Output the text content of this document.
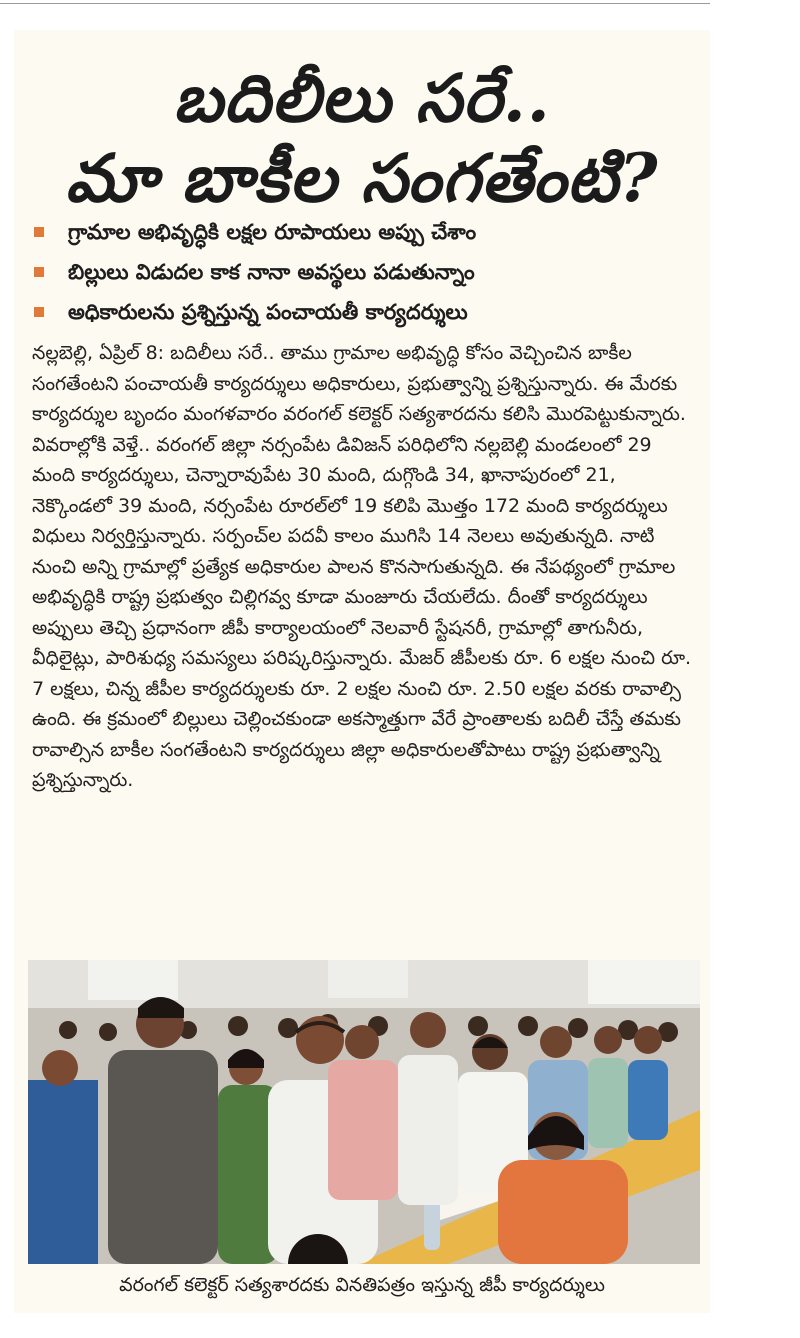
బదిలీలు సరే..
మా బాకీల సంగతేంటి?
గ్రామాల అభివృద్ధికి లక్షల రూపాయలు అప్పు చేశాం
బిల్లులు విడుదల కాక నానా అవస్థలు పడుతున్నాం
అధికారులను ప్రశ్నిస్తున్న పంచాయతీ కార్యదర్శులు

నల్లబెల్లి, ఏప్రిల్ 8: బదిలీలు సరే.. తాము గ్రామాల అభివృద్ధి కోసం వెచ్చించిన బాకీల సంగతేంటని పంచాయతీ కార్యదర్శులు అధికారులు, ప్రభుత్వాన్ని ప్రశ్నిస్తున్నారు. ఈ మేరకు కార్యదర్శుల బృందం మంగళవారం వరంగల్ కలెక్టర్ సత్యశారదను కలిసి మొరపెట్టుకున్నారు. వివరాల్లోకి వెళ్తే.. వరంగల్ జిల్లా నర్సంపేట డివిజన్ పరిధిలోని నల్లబెల్లి మండలంలో 29 మంది కార్యదర్శులు, చెన్నారావుపేట 30 మంది, దుగ్గొండి 34, ఖానాపురంలో 21, నెక్కొండలో 39 మంది, నర్సంపేట రూరల్‌లో 19 కలిపి మొత్తం 172 మంది కార్యదర్శులు విధులు నిర్వర్తిస్తున్నారు. సర్పంచ్‌ల పదవీ కాలం ముగిసి 14 నెలలు అవుతున్నది. నాటి నుంచి అన్ని గ్రామాల్లో ప్రత్యేక అధికారుల పాలన కొనసాగుతున్నది. ఈ నేపథ్యంలో గ్రామాల అభివృద్ధికి రాష్ట్ర ప్రభుత్వం చిల్లిగవ్వ కూడా మంజూరు చేయలేదు. దీంతో కార్యదర్శులు అప్పులు తెచ్చి ప్రధానంగా జీపీ కార్యాలయంలో నెలవారీ స్టేషనరీ, గ్రామాల్లో తాగునీరు, వీధిలైట్లు, పారిశుధ్య సమస్యలు పరిష్కరిస్తున్నారు. మేజర్ జీపీలకు రూ. 6 లక్షల నుంచి రూ. 7 లక్షలు, చిన్న జీపీల కార్యదర్శులకు రూ. 2 లక్షల నుంచి రూ. 2.50 లక్షల వరకు రావాల్సి ఉంది. ఈ క్రమంలో బిల్లులు చెల్లించకుండా అకస్మాత్తుగా వేరే ప్రాంతాలకు బదిలీ చేస్తే తమకు రావాల్సిన బాకీల సంగతేంటని కార్యదర్శులు జిల్లా అధికారులతోపాటు రాష్ట్ర ప్రభుత్వాన్ని ప్రశ్నిస్తున్నారు.

వరంగల్ కలెక్టర్ సత్యశారదకు వినతిపత్రం ఇస్తున్న జీపీ కార్యదర్శులు
